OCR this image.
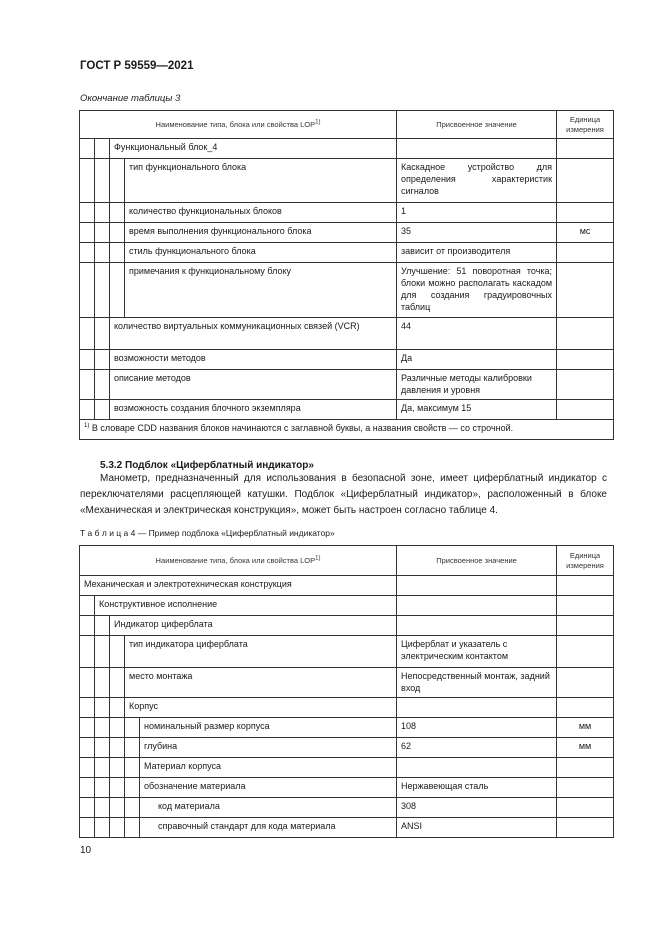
ГОСТ Р 59559—2021
Окончание таблицы 3
Наименование типа, блока или свойства LOP$^{1)}$				Присвоенное значение	Единица измерения
		Функциональный блок_4			
			тип функционального блока	Каскадное устройство для определения характеристик сигналов	
			количество функциональных блоков	1	
			время выполнения функционального блока	35	мс
			стиль функционального блока	зависит от производителя	
			примечания к функциональному блоку	Улучшение: 51 поворотная точка; блоки можно располагать каскадом для создания градуировочных таблиц	
		количество виртуальных коммуникационных связей (VCR)		44	
		возможности методов		Да	
		описание методов		Различные методы калибровки давления и уровня	
		возможность создания блочного экземпляра		Да, максимум 15	
$^{1)}$ В словаре CDD названия блоков начинаются с заглавной буквы, а названия свойств — со строчной.					
5.3.2 Подблок «Циферблатный индикатор»
Манометр, предназначенный для использования в безопасной зоне, имеет циферблатный индикатор с переключателями расцепляющей катушки. Подблок «Циферблатный индикатор», расположенный в блоке «Механическая и электрическая конструкция», может быть настроен согласно таблице 4.
Т а б л и ц а 4 — Пример подблока «Циферблатный индикатор»
Наименование типа, блока или свойства LOP$^{1)}$					Присвоенное значение	Единица измерения
Механическая и электротехническая конструкция						
	Конструктивное исполнение					
		Индикатор циферблата				
			тип индикатора циферблата		Циферблат и указатель с электрическим контактом	
			место монтажа		Непосредственный монтаж, задний вход	
			Корпус			
				номинальный размер корпуса	108	мм
				глубина	62	мм
				Материал корпуса		
				обозначение материала	Нержавеющая сталь	
				код материала	308	
				справочный стандарт для кода материала	ANSI	
10
